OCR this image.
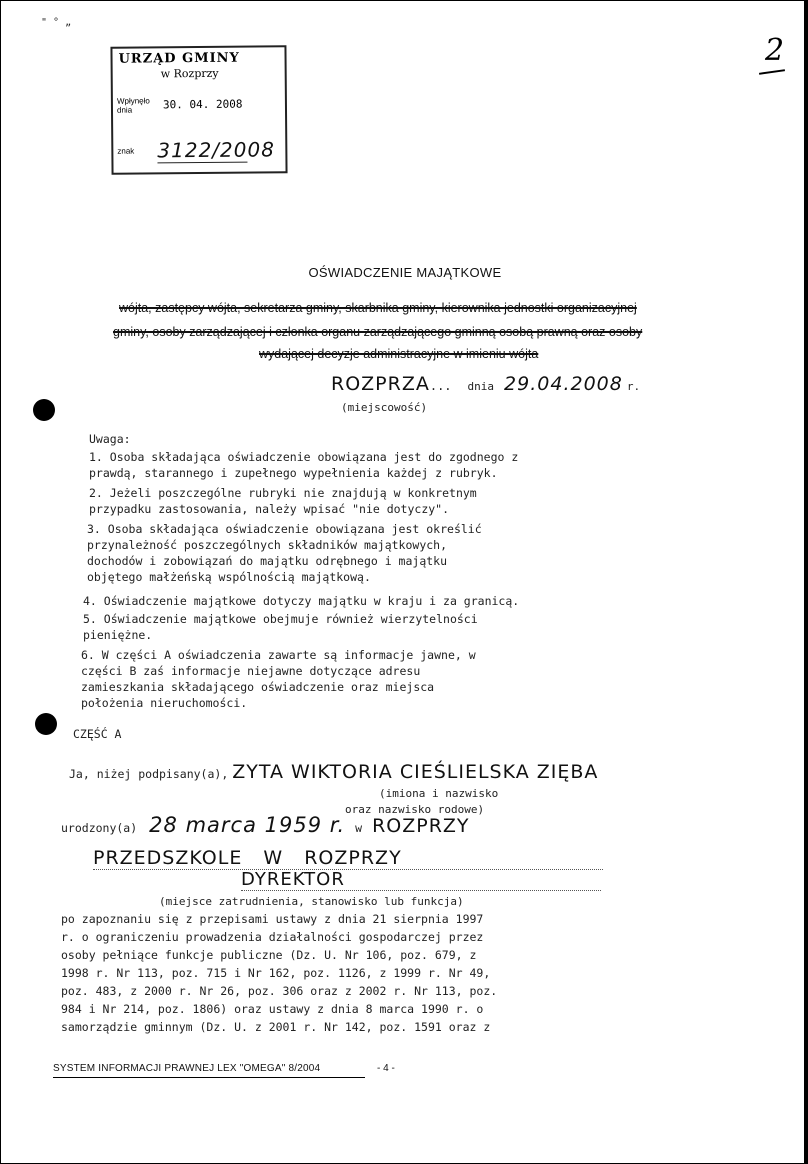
" ° „
URZĄD GMINY
w Rozprzy
Wpłynęło dnia	30. 04. 2008
znak 3122/2008
2
OŚWIADCZENIE MAJĄTKOWE
wójta, zastępcy wójta, sekretarza gminy, skarbnika gminy, kierownika jednostki organizacyjnej
gminy, osoby zarządzającej i członka organu zarządzającego gminną osobą prawną oraz osoby
wydającej decyzje administracyjne w imieniu wójta
ROZPRZA... dnia 29.04.2008 r.
(miejscowość)
Uwaga:
1. Osoba składająca oświadczenie obowiązana jest do zgodnego z
prawdą, starannego i zupełnego wypełnienia każdej z rubryk.
2. Jeżeli poszczególne rubryki nie znajdują w konkretnym
przypadku zastosowania, należy wpisać "nie dotyczy".
3. Osoba składająca oświadczenie obowiązana jest określić
przynależność poszczególnych składników majątkowych,
dochodów i zobowiązań do majątku odrębnego i majątku
objętego małżeńską wspólnością majątkową.
4. Oświadczenie majątkowe dotyczy majątku w kraju i za granicą.
5. Oświadczenie majątkowe obejmuje również wierzytelności
pieniężne.
6. W części A oświadczenia zawarte są informacje jawne, w
części B zaś informacje niejawne dotyczące adresu
zamieszkania składającego oświadczenie oraz miejsca
położenia nieruchomości.
CZĘŚĆ A
Ja, niżej podpisany(a), ZYTA WIKTORIA CIEŚLIELSKA ZIĘBA
(imiona i nazwisko
oraz nazwisko rodowe)
urodzony(a) 28 marca 1959 r. w ROZPRZY
PRZEDSZKOLE W ROZPRZY
DYREKTOR
(miejsce zatrudnienia, stanowisko lub funkcja)
po zapoznaniu się z przepisami ustawy z dnia 21 sierpnia 1997
r. o ograniczeniu prowadzenia działalności gospodarczej przez
osoby pełniące funkcje publiczne (Dz. U. Nr 106, poz. 679, z
1998 r. Nr 113, poz. 715 i Nr 162, poz. 1126, z 1999 r. Nr 49,
poz. 483, z 2000 r. Nr 26, poz. 306 oraz z 2002 r. Nr 113, poz.
984 i Nr 214, poz. 1806) oraz ustawy z dnia 8 marca 1990 r. o
samorządzie gminnym (Dz. U. z 2001 r. Nr 142, poz. 1591 oraz z
SYSTEM INFORMACJI PRAWNEJ LEX "OMEGA" 8/2004	- 4 -
